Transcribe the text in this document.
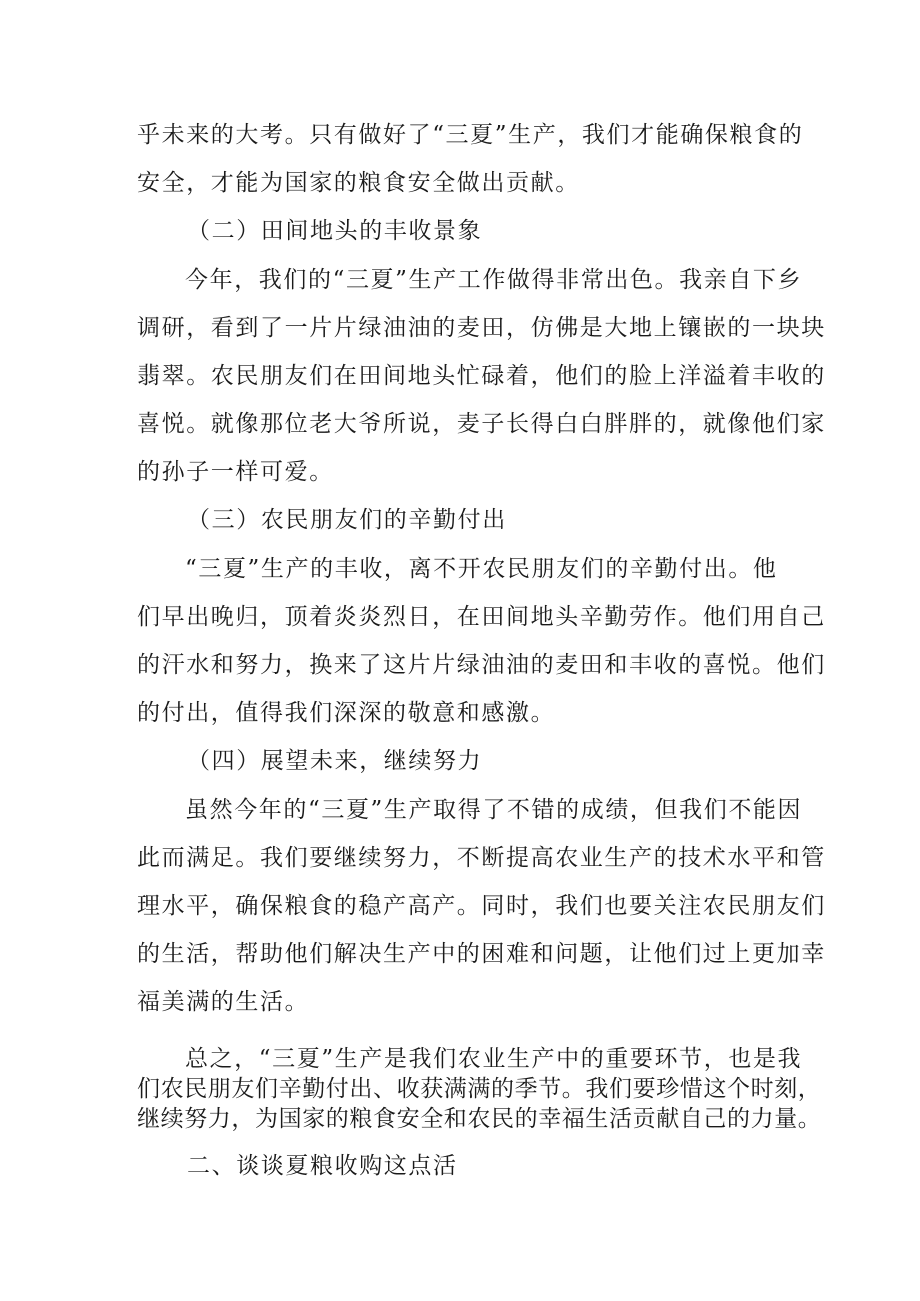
乎未来的大考。只有做好了“三夏”生产，我们才能确保粮食的
安全，才能为国家的粮食安全做出贡献。
（二）田间地头的丰收景象
今年，我们的“三夏”生产工作做得非常出色。我亲自下乡
调研，看到了一片片绿油油的麦田，仿佛是大地上镶嵌的一块块
翡翠。农民朋友们在田间地头忙碌着，他们的脸上洋溢着丰收的
喜悦。就像那位老大爷所说，麦子长得白白胖胖的，就像他们家
的孙子一样可爱。
（三）农民朋友们的辛勤付出
“三夏”生产的丰收，离不开农民朋友们的辛勤付出。他
们早出晚归，顶着炎炎烈日，在田间地头辛勤劳作。他们用自己
的汗水和努力，换来了这片片绿油油的麦田和丰收的喜悦。他们
的付出，值得我们深深的敬意和感激。
（四）展望未来，继续努力
虽然今年的“三夏”生产取得了不错的成绩，但我们不能因
此而满足。我们要继续努力，不断提高农业生产的技术水平和管
理水平，确保粮食的稳产高产。同时，我们也要关注农民朋友们
的生活，帮助他们解决生产中的困难和问题，让他们过上更加幸
福美满的生活。
总之，“三夏”生产是我们农业生产中的重要环节，也是我
们农民朋友们辛勤付出、收获满满的季节。我们要珍惜这个时刻，
继续努力，为国家的粮食安全和农民的幸福生活贡献自己的力量。
二、谈谈夏粮收购这点活
